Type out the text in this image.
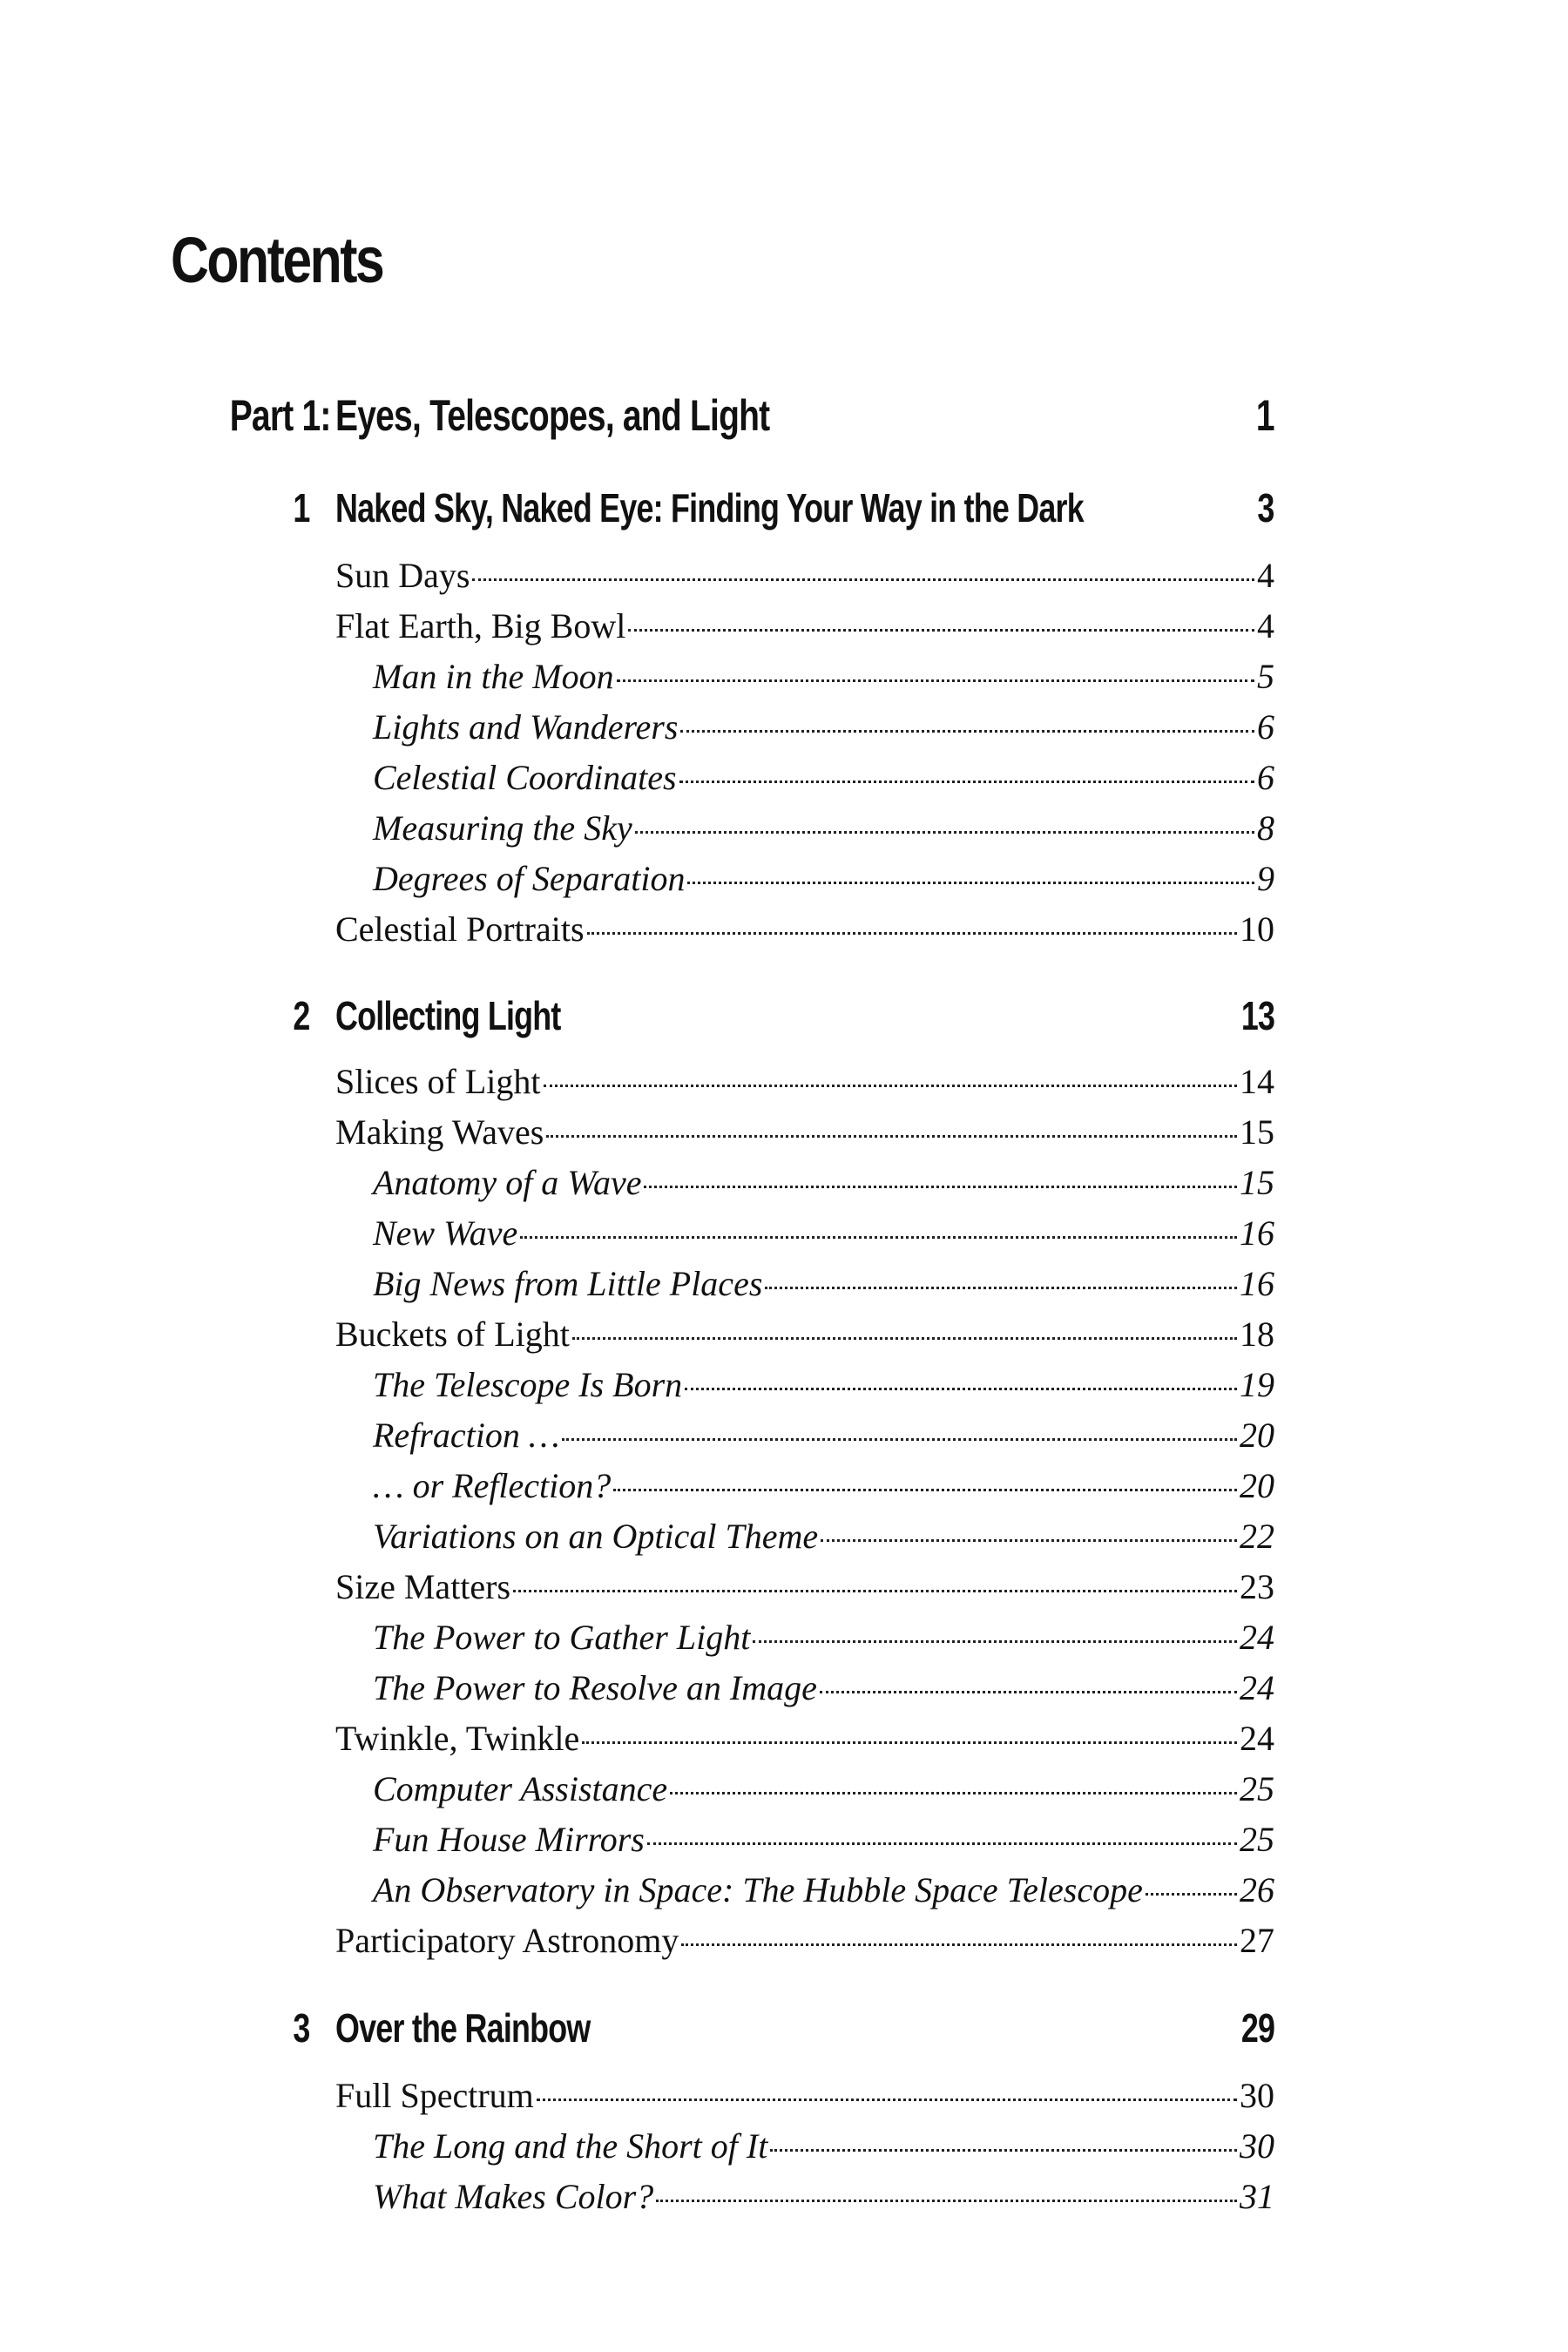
Contents
Part 1: Eyes, Telescopes, and Light	1
1 Naked Sky, Naked Eye: Finding Your Way in the Dark	3
Sun Days	4
Flat Earth, Big Bowl	4
Man in the Moon	5
Lights and Wanderers	6
Celestial Coordinates	6
Measuring the Sky	8
Degrees of Separation	9
Celestial Portraits	10
2 Collecting Light	13
Slices of Light	14
Making Waves	15
Anatomy of a Wave	15
New Wave	16
Big News from Little Places	16
Buckets of Light	18
The Telescope Is Born	19
Refraction …	20
… or Reflection?	20
Variations on an Optical Theme	22
Size Matters	23
The Power to Gather Light	24
The Power to Resolve an Image	24
Twinkle, Twinkle	24
Computer Assistance	25
Fun House Mirrors	25
An Observatory in Space: The Hubble Space Telescope	26
Participatory Astronomy	27
3 Over the Rainbow	29
Full Spectrum	30
The Long and the Short of It	30
What Makes Color?	31
